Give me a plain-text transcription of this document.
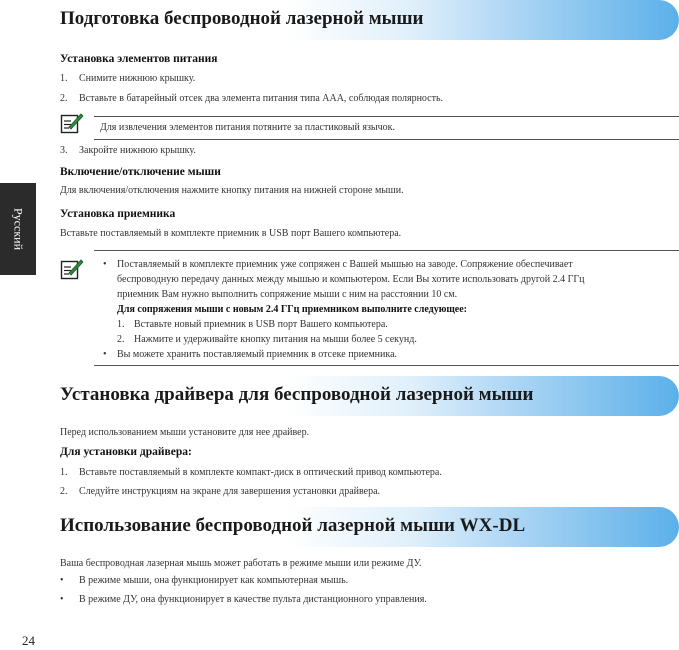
Русский
Подготовка беспроводной лазерной мыши
Установка элементов питания
1.	Снимите нижнюю крышку.
2.	Вставьте в батарейный отсек два элемента питания типа AAA, соблюдая полярность.
Для извлечения элементов питания потяните за пластиковый язычок.
3.	Закройте нижнюю крышку.
Включение/отключение мыши
Для включения/отключения нажмите кнопку питания на нижней стороне мыши.
Установка приемника
Вставьте поставляемый в комплекте приемник в USB порт Вашего компьютера.
• Поставляемый в комплекте приемник уже сопряжен с Вашей мышью на заводе. Сопряжение обеспечивает
беспроводную передачу данных между мышью и компьютером. Если Вы хотите использовать другой 2.4 ГГц
приемник Вам нужно выполнить сопряжение мыши с ним на расстоянии 10 см.
Для сопряжения мыши с новым 2.4 ГГц приемником выполните следующее:
1. Вставьте новый приемник в USB порт Вашего компьютера.
2. Нажмите и удерживайте кнопку питания на мыши более 5 секунд.
• Вы можете хранить поставляемый приемник в отсеке приемника.
Установка драйвера для беспроводной лазерной мыши
Перед использованием мыши установите для нее драйвер.
Для установки драйвера:
1.	Вставьте поставляемый в комплекте компакт-диск в оптический привод компьютера.
2.	Следуйте инструкциям на экране для завершения установки драйвера.
Использование беспроводной лазерной мыши WX-DL
Ваша беспроводная лазерная мышь может работать в режиме мыши или режиме ДУ.
• В режиме мыши, она функционирует как компьютерная мышь.
• В режиме ДУ, она функционирует в качестве пульта дистанционного управления.
24
